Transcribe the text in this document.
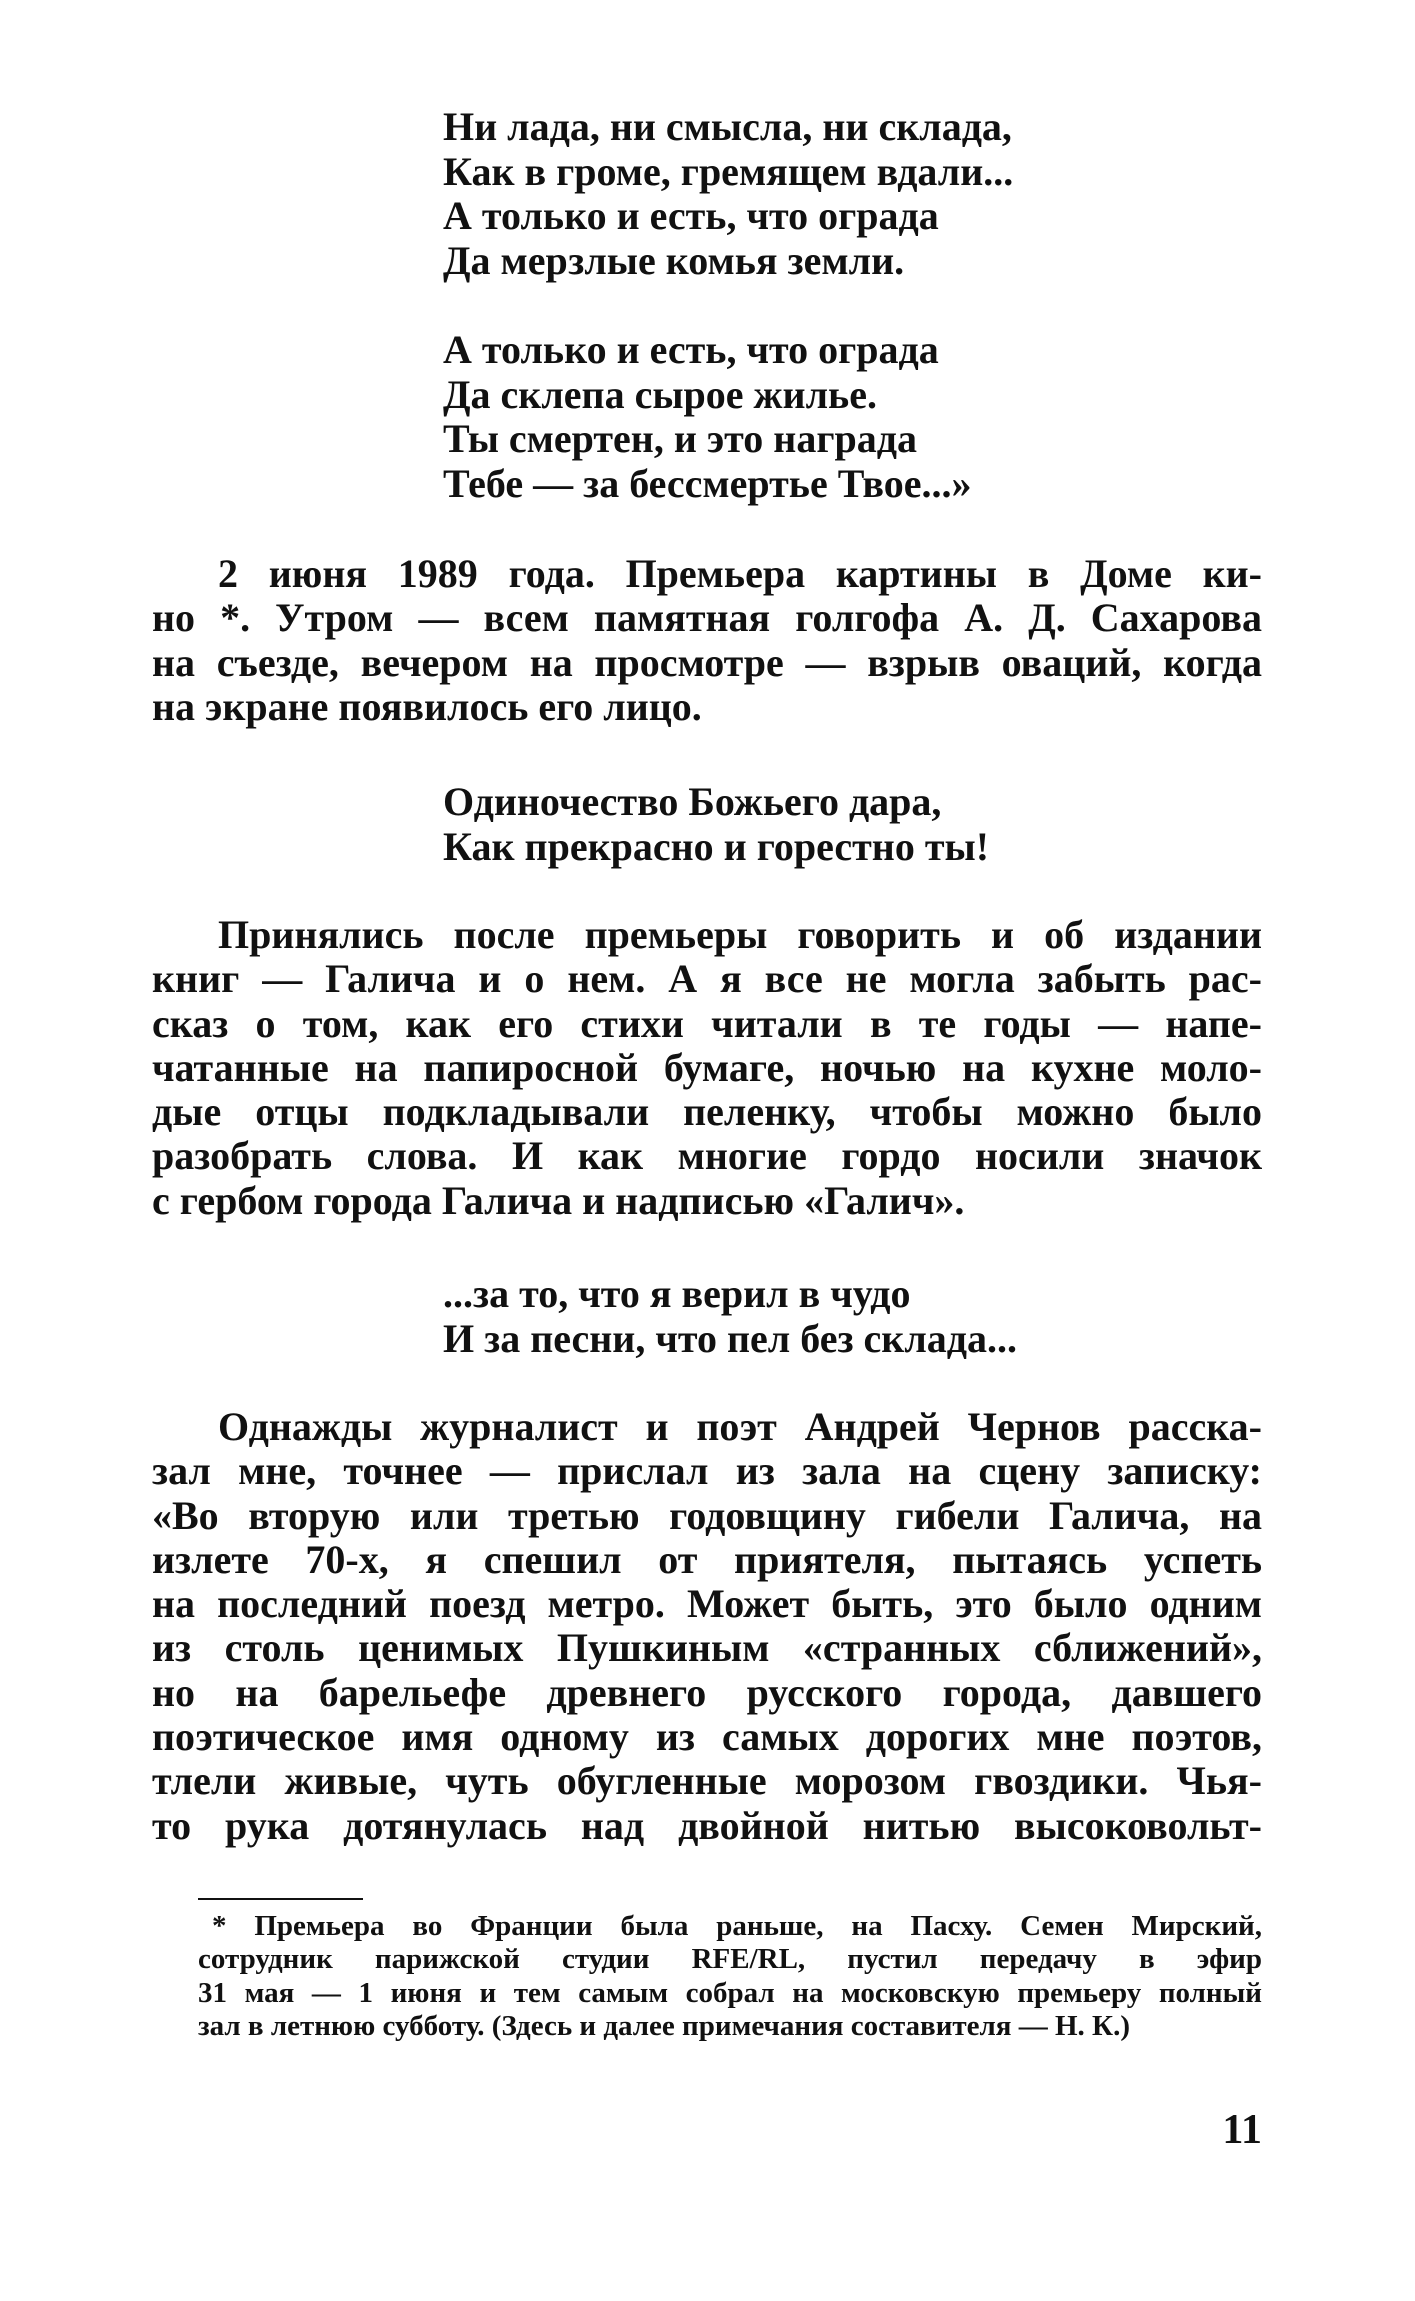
Ни лада, ни смысла, ни склада,
Как в громе, гремящем вдали...
А только и есть, что ограда
Да мерзлые комья земли.
А только и есть, что ограда
Да склепа сырое жилье.
Ты смертен, и это награда
Тебе — за бессмертье Твое...»
2 июня 1989 года. Премьера картины в Доме ки-
но *. Утром — всем памятная голгофа А. Д. Сахарова
на съезде, вечером на просмотре — взрыв оваций, когда
на экране появилось его лицо.
Одиночество Божьего дара,
Как прекрасно и горестно ты!
Принялись после премьеры говорить и об издании
книг — Галича и о нем. А я все не могла забыть рас-
сказ о том, как его стихи читали в те годы — напе-
чатанные на папиросной бумаге, ночью на кухне моло-
дые отцы подкладывали пеленку, чтобы можно было
разобрать слова. И как многие гордо носили значок
с гербом города Галича и надписью «Галич».
...за то, что я верил в чудо
И за песни, что пел без склада...
Однажды журналист и поэт Андрей Чернов расска-
зал мне, точнее — прислал из зала на сцену записку:
«Во вторую или третью годовщину гибели Галича, на
излете 70-х, я спешил от приятеля, пытаясь успеть
на последний поезд метро. Может быть, это было одним
из столь ценимых Пушкиным «странных сближений»,
но на барельефе древнего русского города, давшего
поэтическое имя одному из самых дорогих мне поэтов,
тлели живые, чуть обугленные морозом гвоздики. Чья-
то рука дотянулась над двойной нитью высоковольт-
* Премьера во Франции была раньше, на Пасху. Семен Мирский,
сотрудник парижской студии RFE/RL, пустил передачу в эфир
31 мая — 1 июня и тем самым собрал на московскую премьеру полный
зал в летнюю субботу. (Здесь и далее примечания составителя — Н. К.)
11
